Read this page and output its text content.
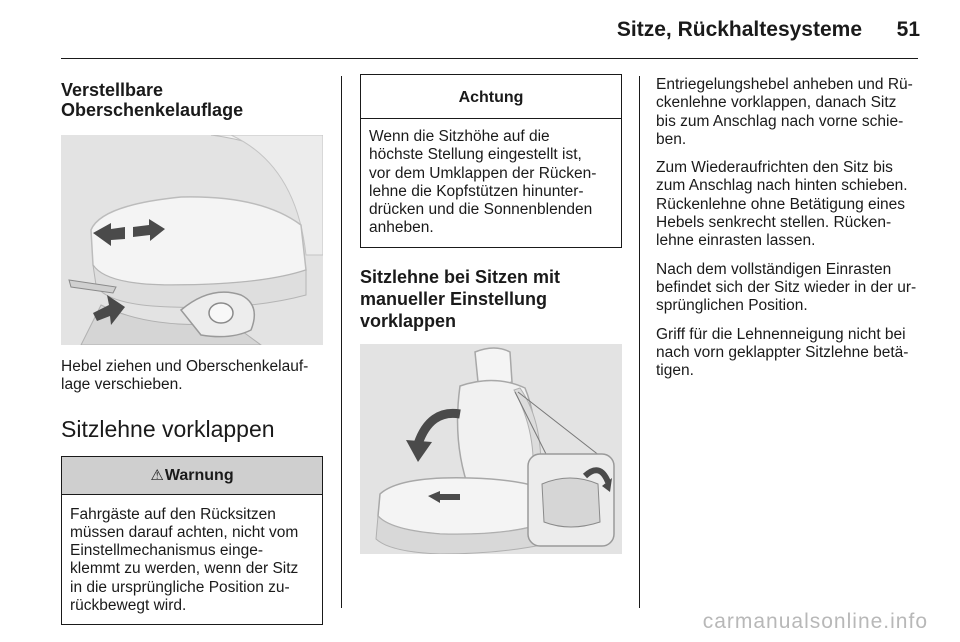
Sitze, Rückhaltesysteme 51
Verstellbare
Oberschenkelauflage

Hebel ziehen und Oberschenkelauf-
lage verschieben.

Sitzlehne vorklappen
⚠Warnung
Fahrgäste auf den Rücksitzen
müssen darauf achten, nicht vom
Einstellmechanismus einge-
klemmt zu werden, wenn der Sitz
in die ursprüngliche Position zu-
rückbewegt wird.
Achtung
Wenn die Sitzhöhe auf die
höchste Stellung eingestellt ist,
vor dem Umklappen der Rücken-
lehne die Kopfstützen hinunter-
drücken und die Sonnenblenden
anheben.
Sitzlehne bei Sitzen mit
manueller Einstellung
vorklappen

Entriegelungshebel anheben und Rü-
ckenlehne vorklappen, danach Sitz
bis zum Anschlag nach vorne schie-
ben.

Zum Wiederaufrichten den Sitz bis
zum Anschlag nach hinten schieben.
Rückenlehne ohne Betätigung eines
Hebels senkrecht stellen. Rücken-
lehne einrasten lassen.

Nach dem vollständigen Einrasten
befindet sich der Sitz wieder in der ur-
sprünglichen Position.

Griff für die Lehnenneigung nicht bei
nach vorn geklappter Sitzlehne betä-
tigen.

carmanualsonline.info
